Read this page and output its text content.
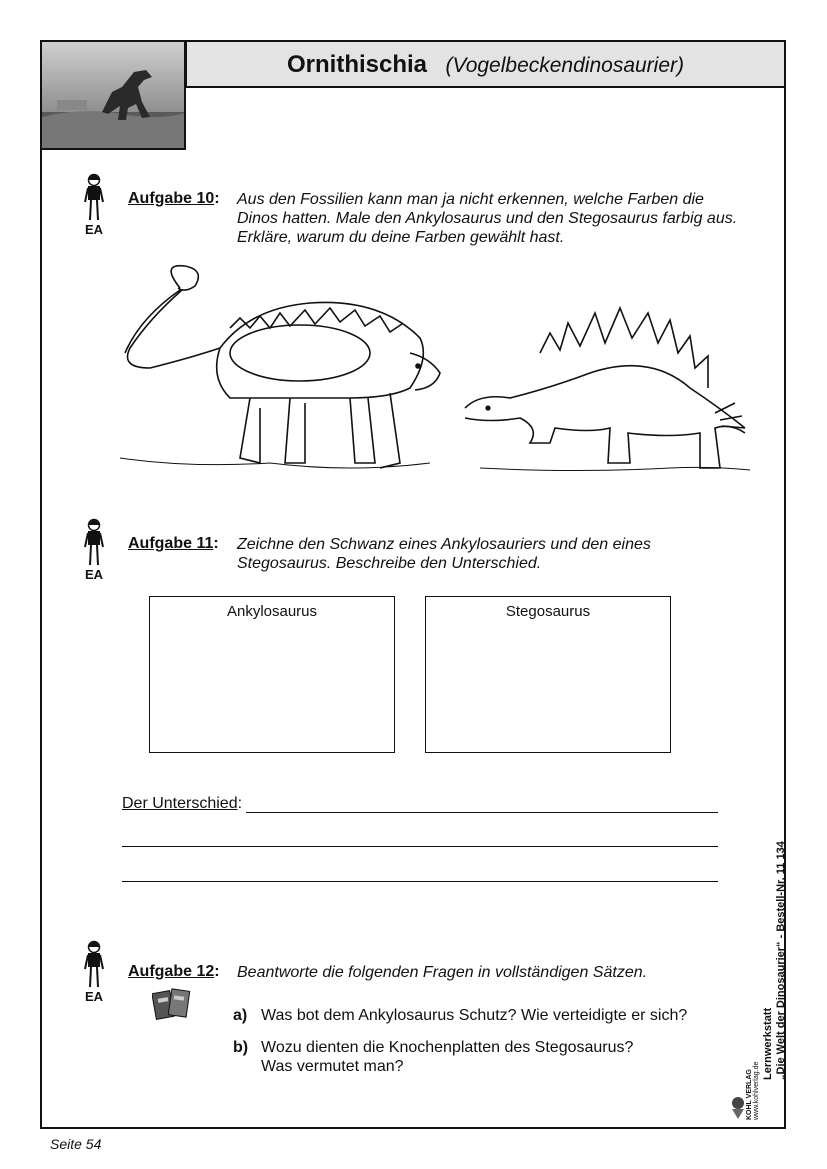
Ornithischia (Vogelbeckendinosaurier)
EA
Aufgabe 10: Aus den Fossilien kann man ja nicht erkennen, welche Farben die
Dinos hatten. Male den Ankylosaurus und den Stegosaurus farbig aus.
Erkläre, warum du deine Farben gewählt hast.
EA
Aufgabe 11: Zeichne den Schwanz eines Ankylosauriers und den eines
Stegosaurus. Beschreibe den Unterschied.
Ankylosaurus	Stegosaurus
Der Unterschied:
EA
Aufgabe 12: Beantworte die folgenden Fragen in vollständigen Sätzen.
a) Was bot dem Ankylosaurus Schutz? Wie verteidigte er sich?
b) Wozu dienten die Knochenplatten des Stegosaurus?
Was vermutet man?	Lernwerkstatt „Die Welt der Dinosaurier“ - Bestell-Nr. 11 134
KOHL VERLAG www.kohlverlag.de
Seite 54
